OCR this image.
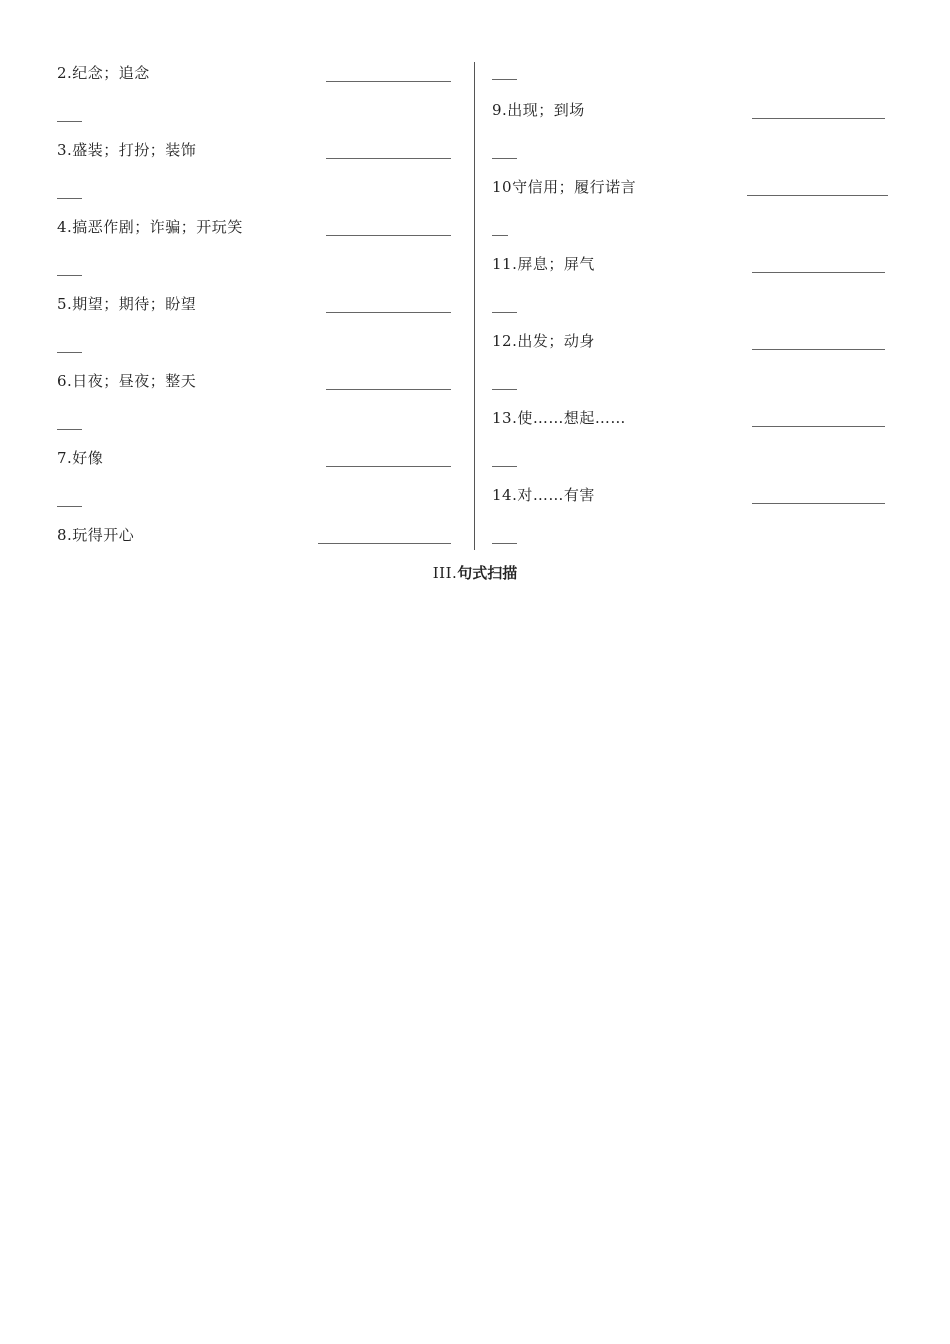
2.纪念；追念
3.盛装；打扮；装饰
4.搞恶作剧；诈骗；开玩笑
5.期望；期待；盼望
6.日夜；昼夜；整天
7.好像
8.玩得开心
9.出现；到场
10守信用；履行诺言
11.屏息；屏气
12.出发；动身
13.使……想起……
14.对……有害
III.句式扫描
